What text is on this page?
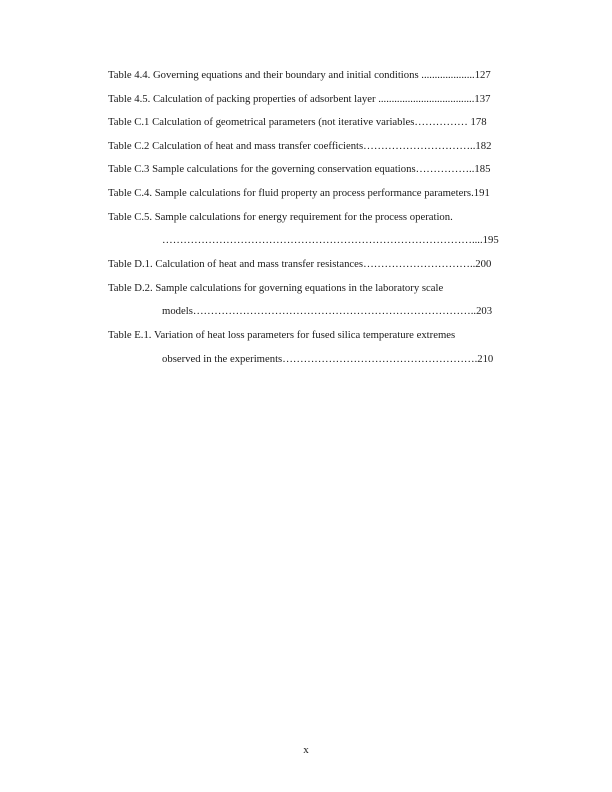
Table 4.4. Governing equations and their boundary and initial conditions ....................127
Table 4.5. Calculation of packing properties of adsorbent layer ....................................137
Table C.1 Calculation of geometrical parameters (not iterative variables…………… 178
Table C.2 Calculation of heat and mass transfer coefficients…………………………..182
Table C.3 Sample calculations for the governing conservation equations……………..185
Table C.4. Sample calculations for fluid property an process performance parameters.191
Table C.5. Sample calculations for energy requirement for the process operation.
……………………………………………………………………………....195
Table D.1. Calculation of heat and mass transfer resistances…………………………..200
Table D.2. Sample calculations for governing equations in the laboratory scale
models……………………………………………………………………..203
Table E.1. Variation of heat loss parameters for fused silica temperature extremes
observed in the experiments……………………………………………….210
x
